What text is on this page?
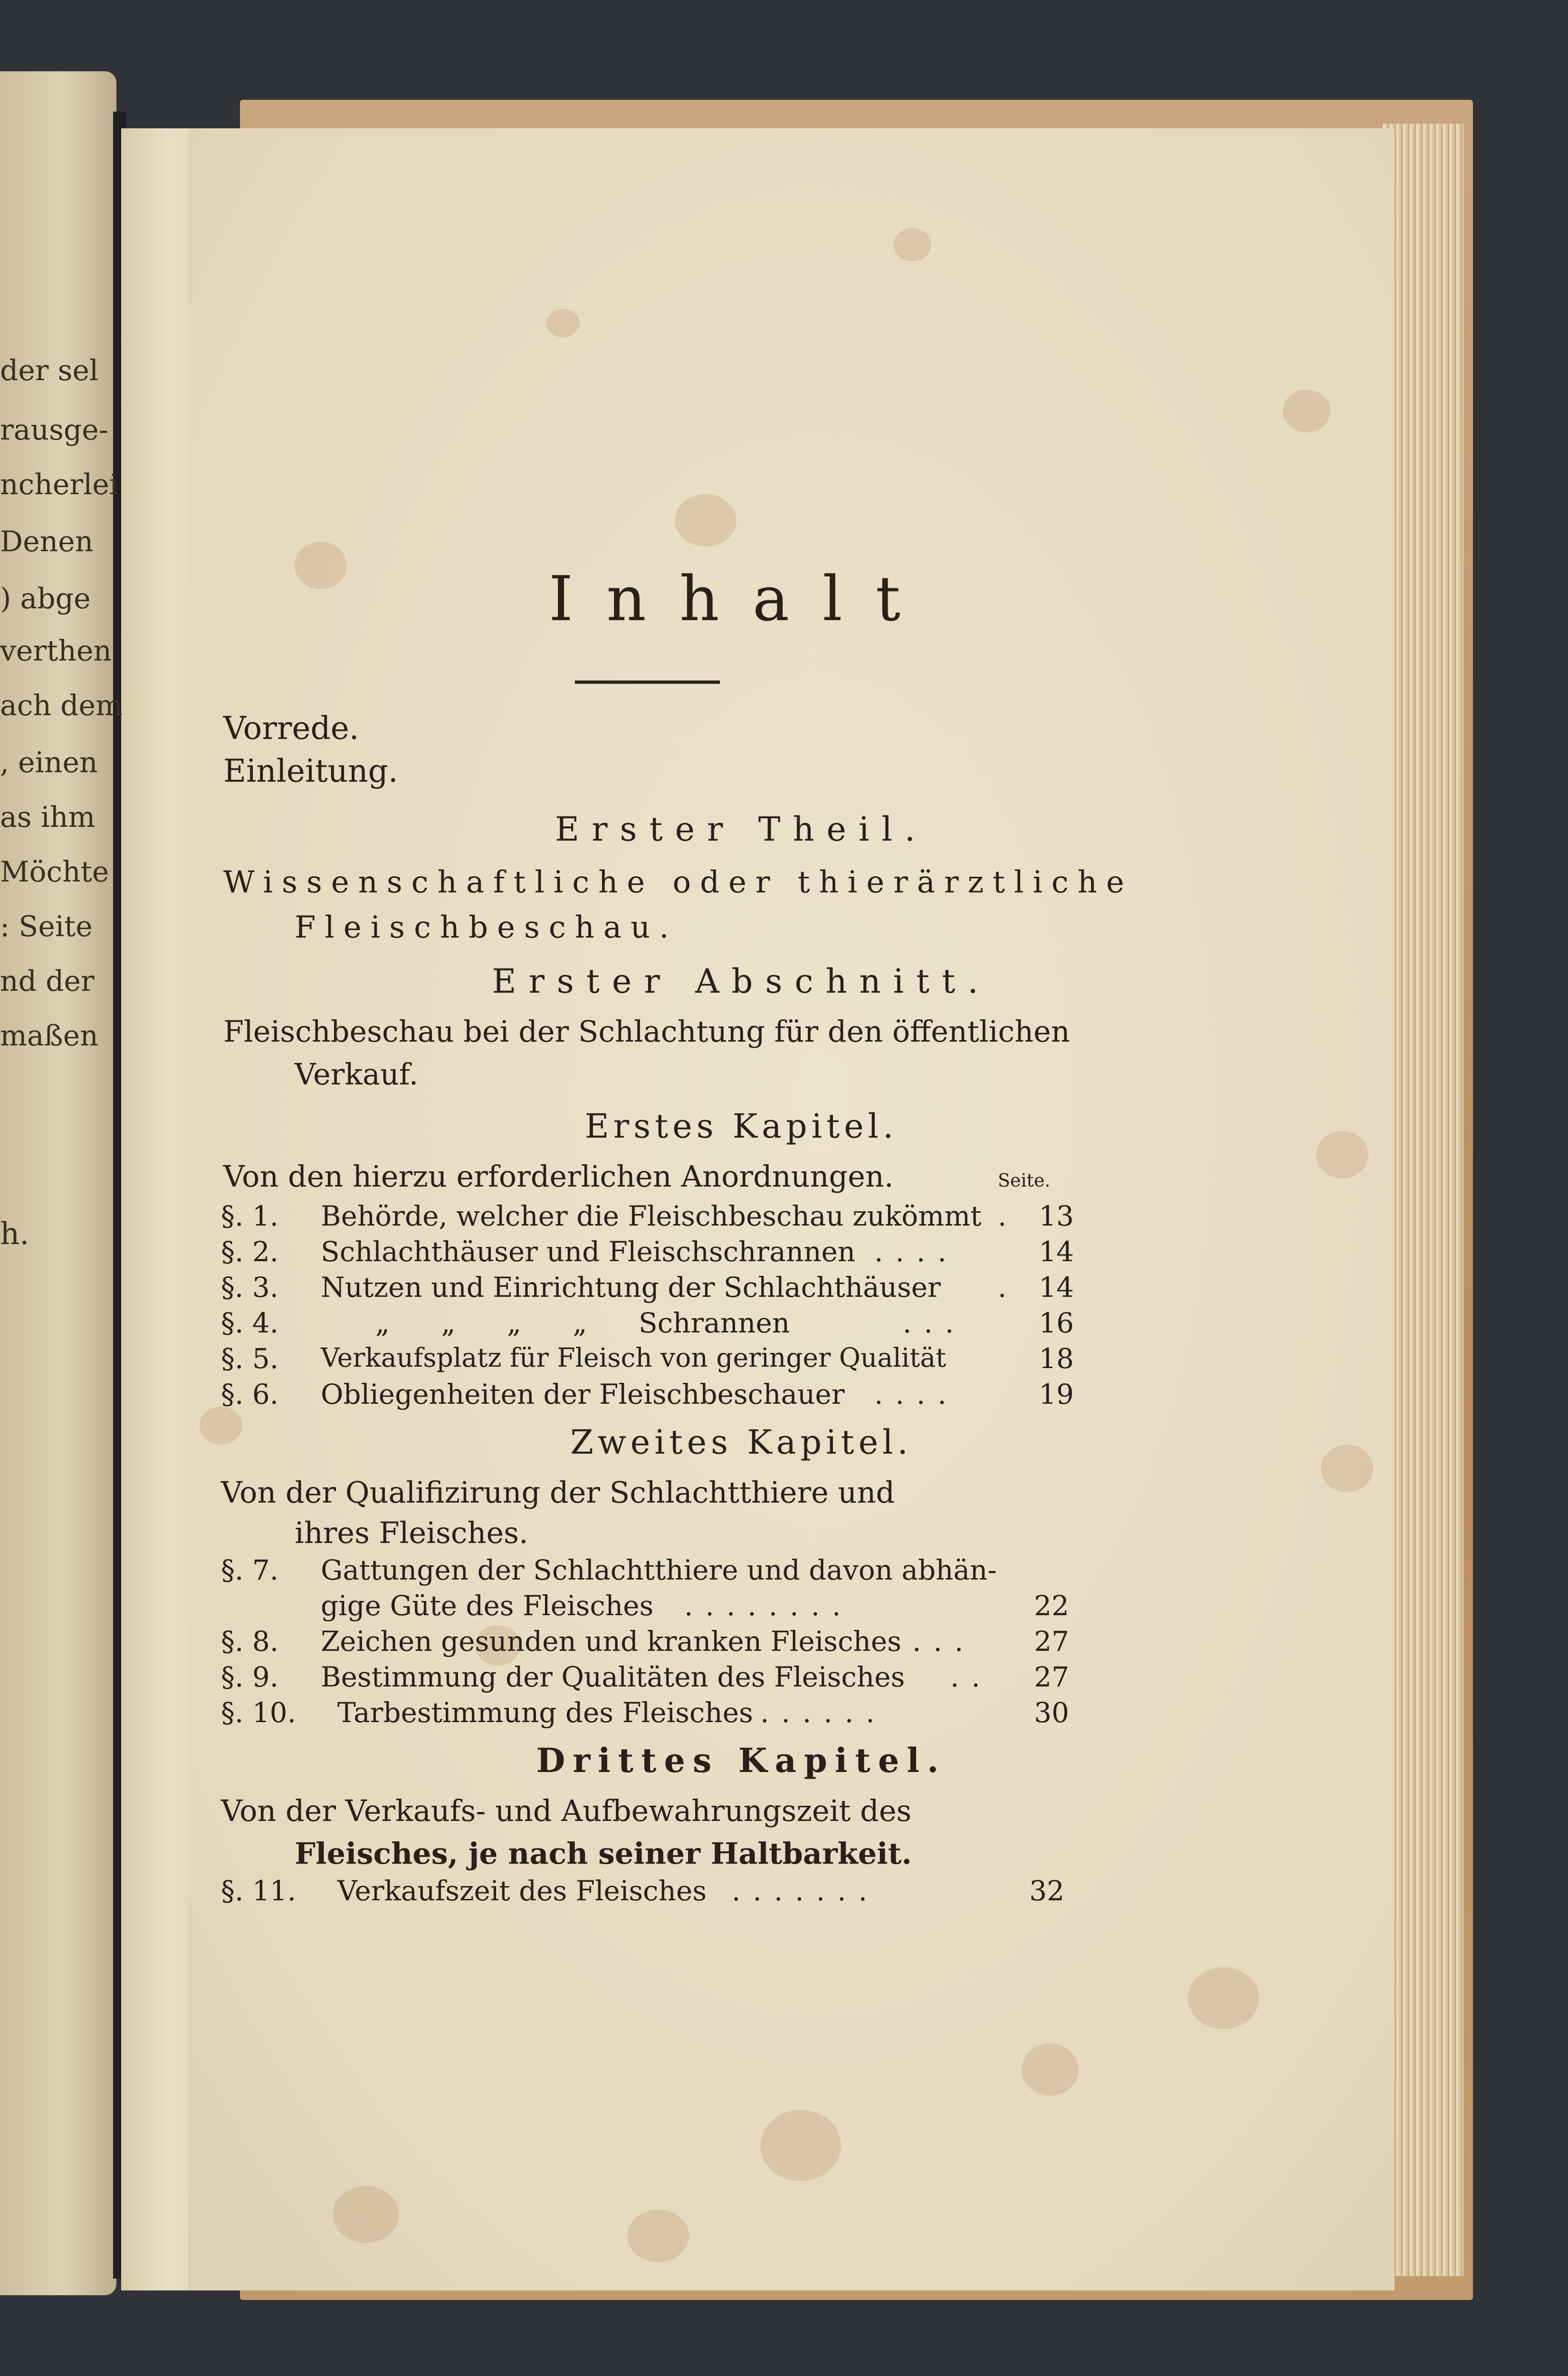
der sel
rausge-
ncherlei
Denen
) abge
verthen
ach dem
, einen
as ihm
Möchte
: Seite
nd der
maßen
h.
Inhalt
Vorrede.
Einleitung.
Erster Theil.
Wissenschaftliche oder thierärztliche
Fleischbeschau.
Erster Abschnitt.
Fleischbeschau bei der Schlachtung für den öffentlichen
Verkauf.
Erstes Kapitel.
Von den hierzu erforderlichen Anordnungen.	Seite.
§. 1. Behörde, welcher die Fleischbeschau zukömmt . 13
§. 2. Schlachthäuser und Fleischschrannen ....	14
§. 3. Nutzen und Einrichtung der Schlachthäuser . 14
§. 4.	„ „ „ „ Schrannen	...	16
§. 5. Verkaufsplatz für Fleisch von geringer Qualität	18
§. 6. Obliegenheiten der Fleischbeschauer ....	19
Zweites Kapitel.
Von der Qualifizirung der Schlachtthiere und
ihres Fleisches.
§. 7. Gattungen der Schlachtthiere und davon abhän-
gige Güte des Fleisches ........	22
§. 8. Zeichen gesunden und kranken Fleisches ...	27
§. 9. Bestimmung der Qualitäten des Fleisches ..	27
§. 10. Tarbestimmung des Fleisches ......	30
Drittes Kapitel.
Von der Verkaufs- und Aufbewahrungszeit des
Fleisches, je nach seiner Haltbarkeit.
§. 11. Verkaufszeit des Fleisches .......	32
